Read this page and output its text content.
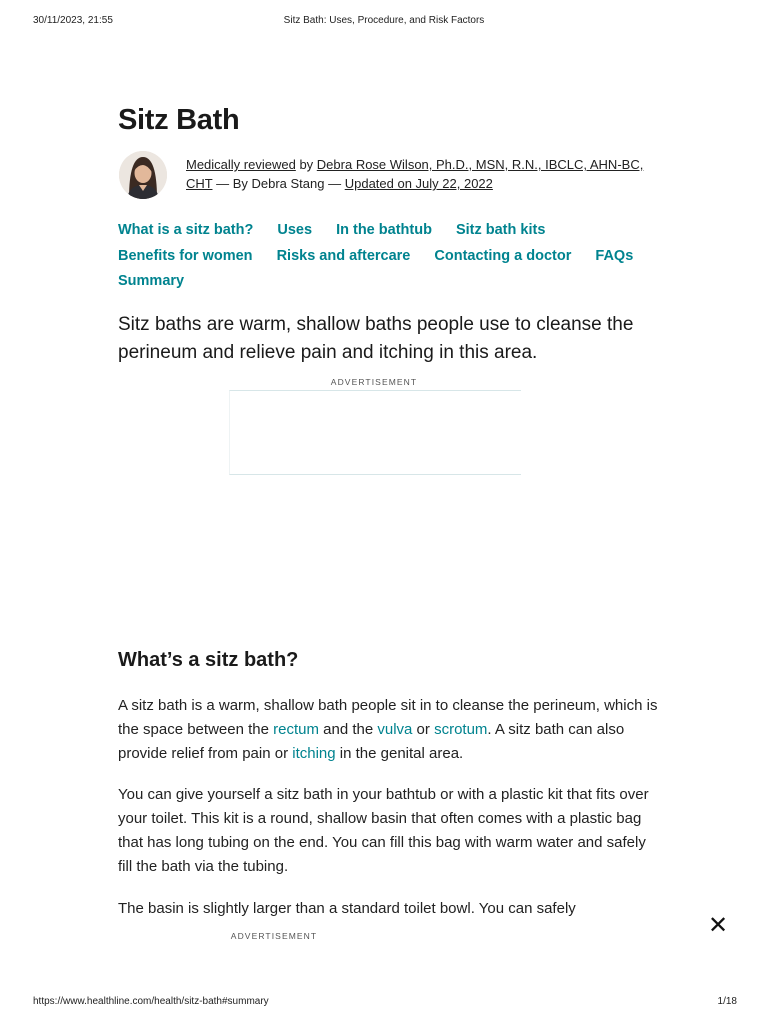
30/11/2023, 21:55	Sitz Bath: Uses, Procedure, and Risk Factors
Sitz Bath
Medically reviewed by Debra Rose Wilson, Ph.D., MSN, R.N., IBCLC, AHN-BC, CHT — By Debra Stang — Updated on July 22, 2022
What is a sitz bath? Uses In the bathtub Sitz bath kits
Benefits for women Risks and aftercare Contacting a doctor FAQs
Summary

Sitz baths are warm, shallow baths people use to cleanse the perineum and relieve pain and itching in this area.

ADVERTISEMENT
What’s a sitz bath?

A sitz bath is a warm, shallow bath people sit in to cleanse the perineum, which is the space between the rectum and the vulva or scrotum. A sitz bath can also provide relief from pain or itching in the genital area.

You can give yourself a sitz bath in your bathtub or with a plastic kit that fits over your toilet. This kit is a round, shallow basin that often comes with a plastic bag that has long tubing on the end. You can fill this bag with warm water and safely fill the bath via the tubing.

The basin is slightly larger than a standard toilet bowl. You can safely

ADVERTISEMENT	✕
https://www.healthline.com/health/sitz-bath#summary	1/18
